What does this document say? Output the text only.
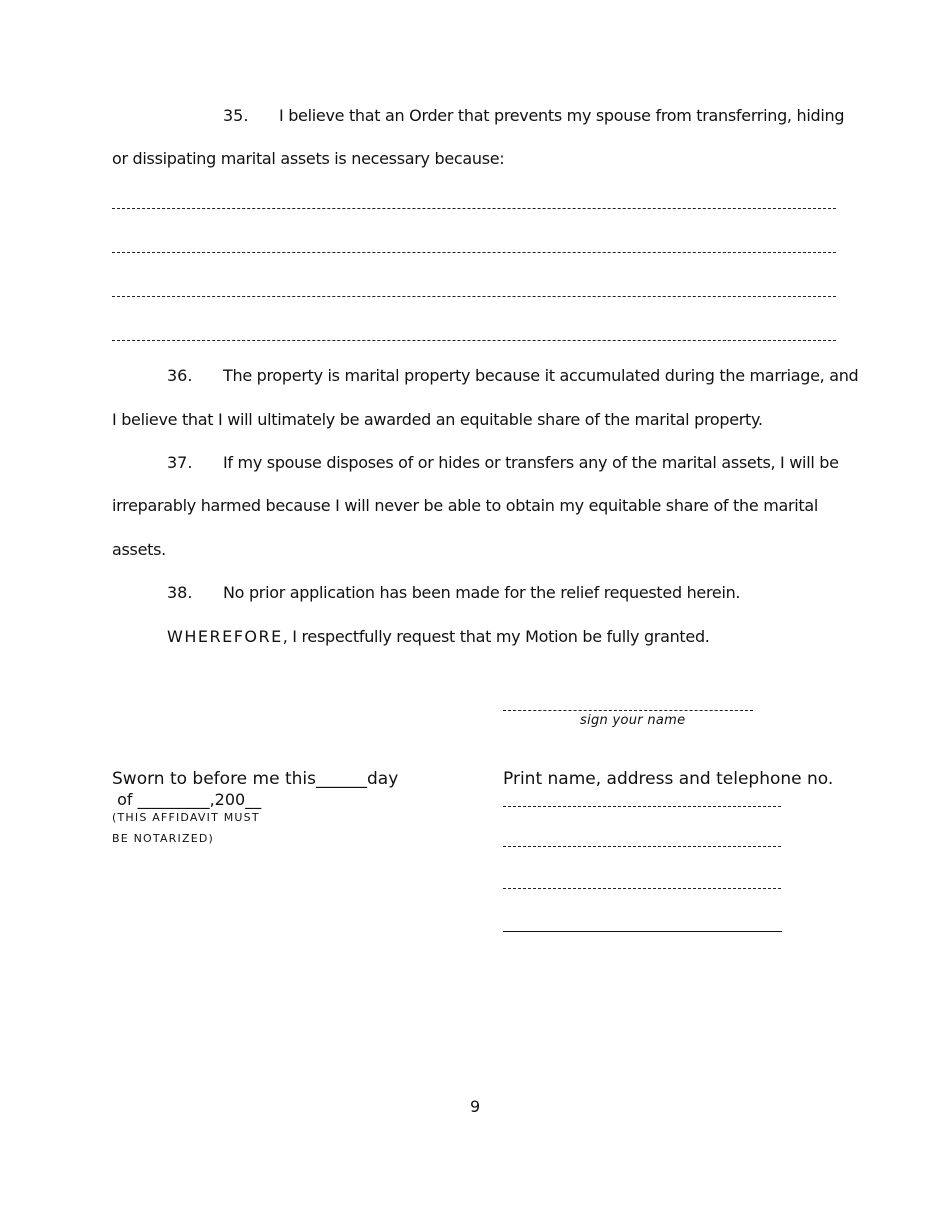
35. I believe that an Order that prevents my spouse from transferring, hiding
or dissipating marital assets is necessary because:
36. The property is marital property because it accumulated during the marriage, and
I believe that I will ultimately be awarded an equitable share of the marital property.
37. If my spouse disposes of or hides or transfers any of the marital assets, I will be
irreparably harmed because I will never be able to obtain my equitable share of the marital
assets.
38. No prior application has been made for the relief requested herein.
WHEREFORE, I respectfully request that my Motion be fully granted.
sign your name
Sworn to before me this______day
of _________,200__
(THIS AFFIDAVIT MUST
BE NOTARIZED)
Print name, address and telephone no.
9
